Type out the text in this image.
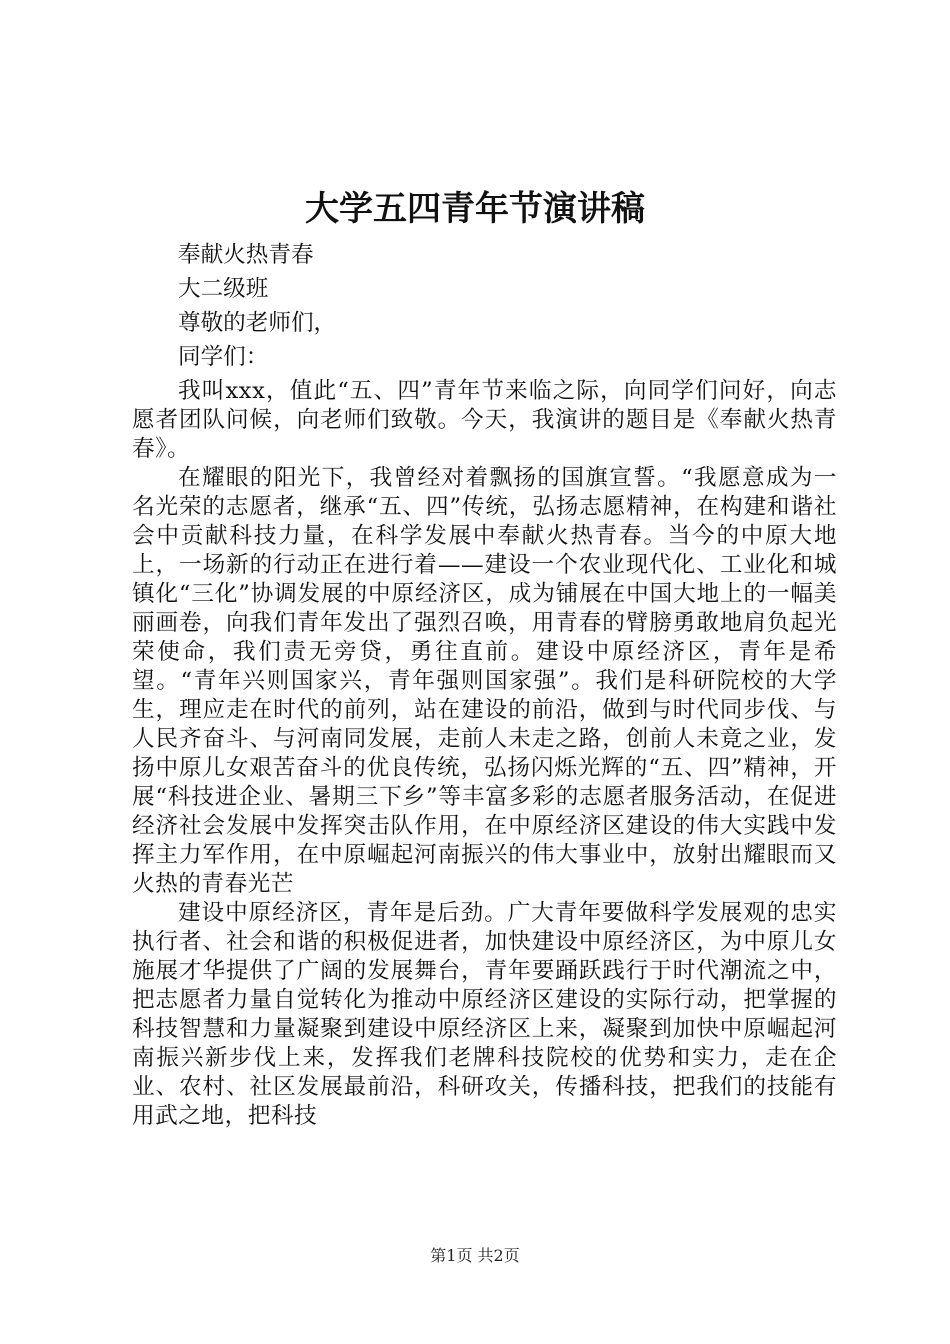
大学五四青年节演讲稿

奉献火热青春

大二级班

尊敬的老师们，

同学们：

我叫xxx，值此“五、四”青年节来临之际，向同学们问好，向志愿者团队问候，向老师们致敬。今天，我演讲的题目是《奉献火热青春》。

在耀眼的阳光下，我曾经对着飘扬的国旗宣誓。“我愿意成为一名光荣的志愿者，继承“五、四”传统，弘扬志愿精神，在构建和谐社会中贡献科技力量，在科学发展中奉献火热青春。当今的中原大地上，一场新的行动正在进行着——建设一个农业现代化、工业化和城镇化“三化”协调发展的中原经济区，成为铺展在中国大地上的一幅美丽画卷，向我们青年发出了强烈召唤，用青春的臂膀勇敢地肩负起光荣使命，我们责无旁贷，勇往直前。建设中原经济区，青年是希望。“青年兴则国家兴，青年强则国家强”。我们是科研院校的大学生，理应走在时代的前列，站在建设的前沿，做到与时代同步伐、与人民齐奋斗、与河南同发展，走前人未走之路，创前人未竟之业，发扬中原儿女艰苦奋斗的优良传统，弘扬闪烁光辉的“五、四”精神，开展“科技进企业、暑期三下乡”等丰富多彩的志愿者服务活动，在促进经济社会发展中发挥突击队作用，在中原经济区建设的伟大实践中发挥主力军作用，在中原崛起河南振兴的伟大事业中，放射出耀眼而又火热的青春光芒

建设中原经济区，青年是后劲。广大青年要做科学发展观的忠实执行者、社会和谐的积极促进者，加快建设中原经济区，为中原儿女施展才华提供了广阔的发展舞台，青年要踊跃践行于时代潮流之中，把志愿者力量自觉转化为推动中原经济区建设的实际行动，把掌握的科技智慧和力量凝聚到建设中原经济区上来，凝聚到加快中原崛起河南振兴新步伐上来，发挥我们老牌科技院校的优势和实力，走在企业、农村、社区发展最前沿，科研攻关，传播科技，把我们的技能有用武之地，把科技

第1页 共2页
